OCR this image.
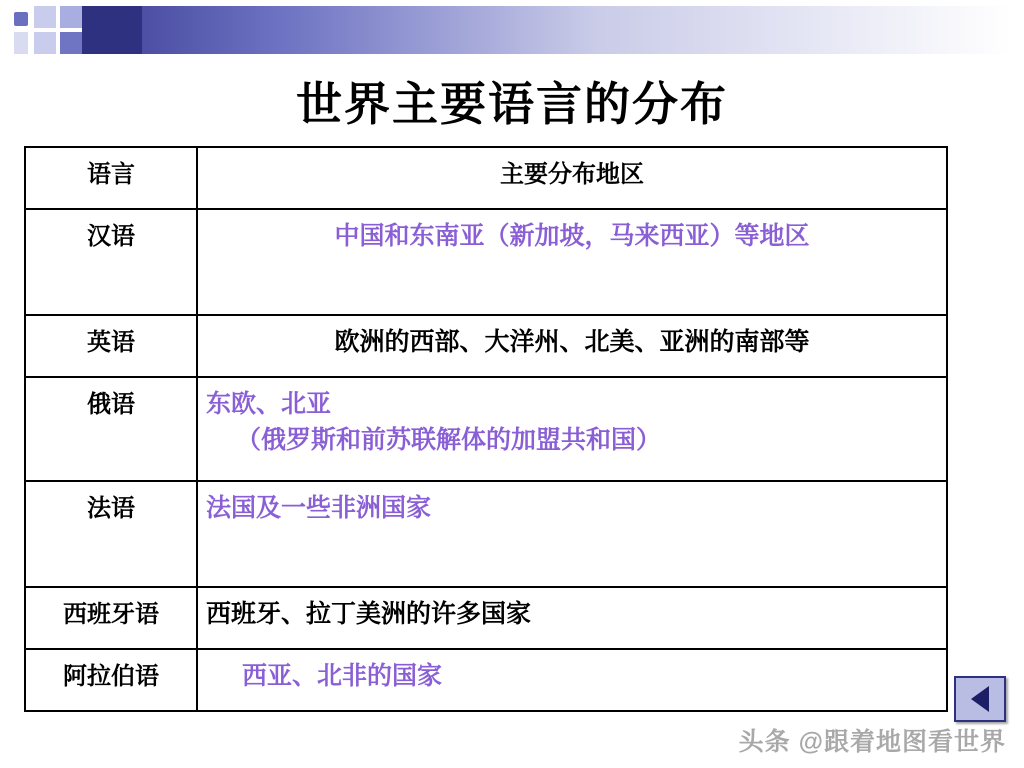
世界主要语言的分布
语言	主要分布地区
汉语	中国和东南亚（新加坡，马来西亚）等地区

英语	欧洲的西部、大洋州、北美、亚洲的南部等

俄语	东欧、北亚
（俄罗斯和前苏联解体的加盟共和国）

法语	法国及一些非洲国家

西班牙语	西班牙、拉丁美洲的许多国家

阿拉伯语	西亚、北非的国家
头条 @跟着地图看世界
